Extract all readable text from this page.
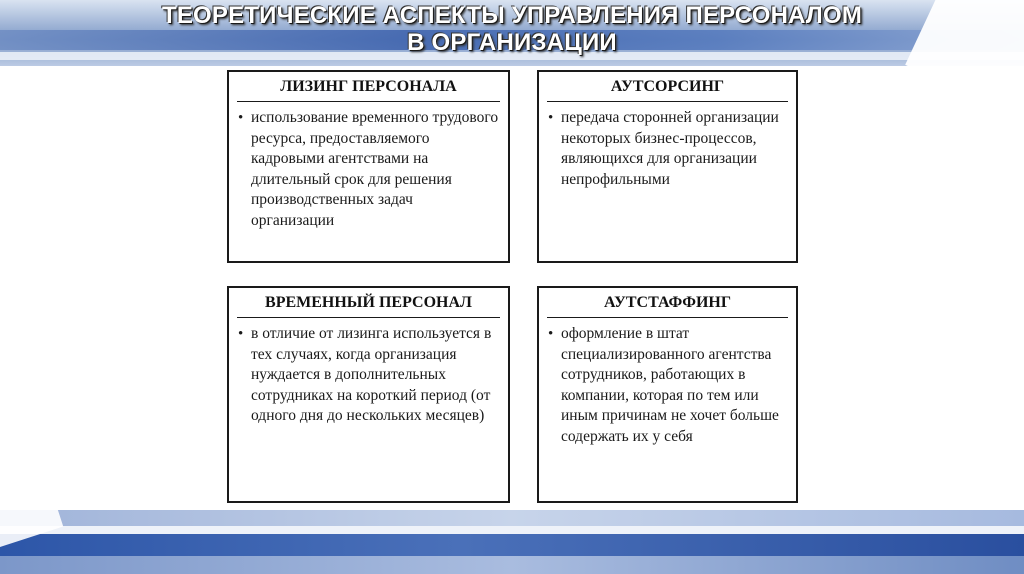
ТЕОРЕТИЧЕСКИЕ АСПЕКТЫ УПРАВЛЕНИЯ ПЕРСОНАЛОМ
В ОРГАНИЗАЦИИ
ЛИЗИНГ ПЕРСОНАЛА
• использование временного трудового ресурса, предоставляемого кадровыми агентствами на длительный срок для решения производственных задач организации
АУТСОРСИНГ
• передача сторонней организации некоторых бизнес-процессов, являющихся для организации непрофильными
ВРЕМЕННЫЙ ПЕРСОНАЛ
• в отличие от лизинга используется в тех случаях, когда организация нуждается в дополнительных сотрудниках на короткий период (от одного дня до нескольких месяцев)
АУТСТАФФИНГ
• оформление в штат специализированного агентства сотрудников, работающих в компании, которая по тем или иным причинам не хочет больше содержать их у себя
